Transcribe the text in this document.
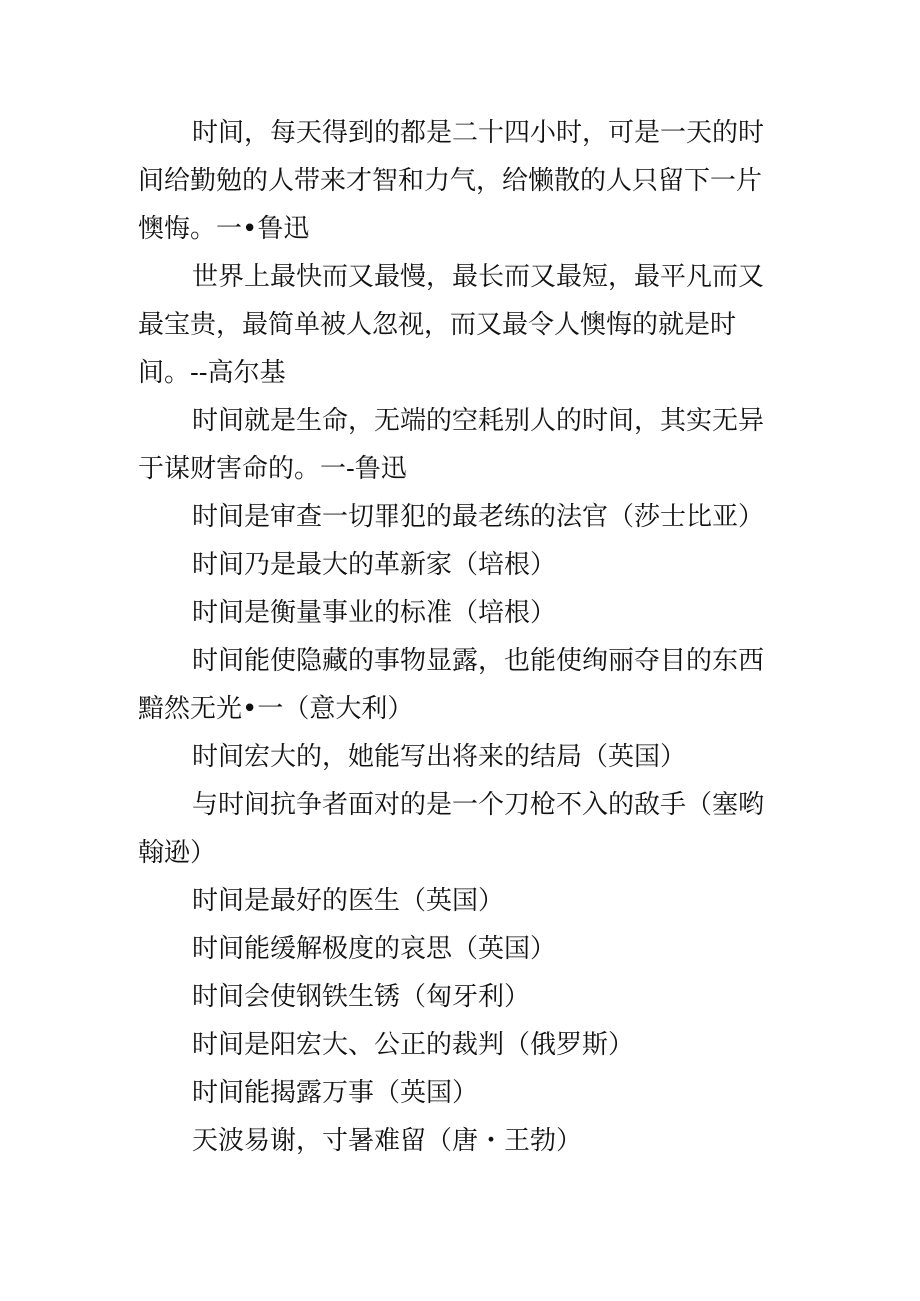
时间，每天得到的都是二十四小时，可是一天的时间给勤勉的人带来才智和力气，给懒散的人只留下一片懊悔。一•鲁迅

世界上最快而又最慢，最长而又最短，最平凡而又最宝贵，最简单被人忽视，而又最令人懊悔的就是时间。--高尔基

时间就是生命，无端的空耗别人的时间，其实无异于谋财害命的。一-鲁迅

时间是审查一切罪犯的最老练的法官（莎士比亚）

时间乃是最大的革新家（培根）

时间是衡量事业的标准（培根）

时间能使隐藏的事物显露，也能使绚丽夺目的东西黯然无光•一（意大利）

时间宏大的，她能写出将来的结局（英国）

与时间抗争者面对的是一个刀枪不入的敌手（塞哟翰逊）

时间是最好的医生（英国）

时间能缓解极度的哀思（英国）

时间会使钢铁生锈（匈牙利）

时间是阳宏大、公正的裁判（俄罗斯）

时间能揭露万事（英国）

天波易谢，寸暑难留（唐・王勃）
